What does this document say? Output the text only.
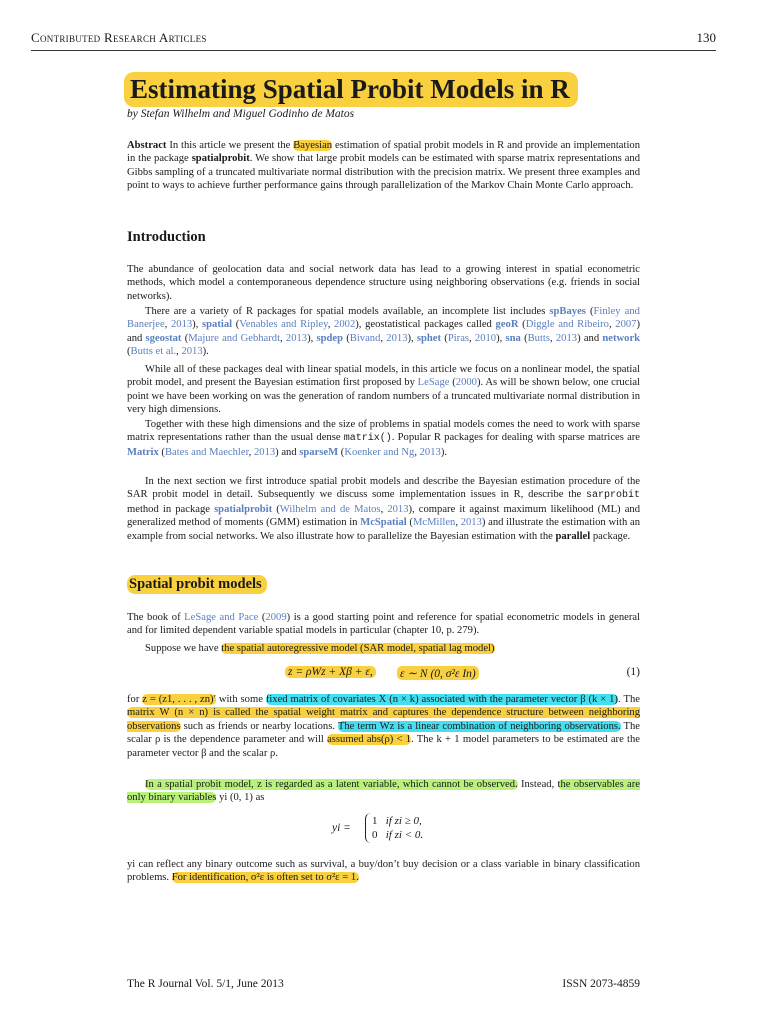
Contributed Research Articles	130
Estimating Spatial Probit Models in R
by Stefan Wilhelm and Miguel Godinho de Matos
Abstract In this article we present the Bayesian estimation of spatial probit models in R and provide an implementation in the package spatialprobit. We show that large probit models can be estimated with sparse matrix representations and Gibbs sampling of a truncated multivariate normal distribution with the precision matrix. We present three examples and point to ways to achieve further performance gains through parallelization of the Markov Chain Monte Carlo approach.
Introduction
The abundance of geolocation data and social network data has lead to a growing interest in spatial econometric methods, which model a contemporaneous dependence structure using neighboring observations (e.g. friends in social networks).
There are a variety of R packages for spatial models available, an incomplete list includes spBayes (Finley and Banerjee, 2013), spatial (Venables and Ripley, 2002), geostatistical packages called geoR (Diggle and Ribeiro, 2007) and sgeostat (Majure and Gebhardt, 2013), spdep (Bivand, 2013), sphet (Piras, 2010), sna (Butts, 2013) and network (Butts et al., 2013).
While all of these packages deal with linear spatial models, in this article we focus on a nonlinear model, the spatial probit model, and present the Bayesian estimation first proposed by LeSage (2000). As will be shown below, one crucial point we have been working on was the generation of random numbers of a truncated multivariate normal distribution in very high dimensions.
Together with these high dimensions and the size of problems in spatial models comes the need to work with sparse matrix representations rather than the usual dense matrix(). Popular R packages for dealing with sparse matrices are Matrix (Bates and Maechler, 2013) and sparseM (Koenker and Ng, 2013).
In the next section we first introduce spatial probit models and describe the Bayesian estimation procedure of the SAR probit model in detail. Subsequently we discuss some implementation issues in R, describe the sarprobit method in package spatialprobit (Wilhelm and de Matos, 2013), compare it against maximum likelihood (ML) and generalized method of moments (GMM) estimation in McSpatial (McMillen, 2013) and illustrate the estimation with an example from social networks. We also illustrate how to parallelize the Bayesian estimation with the parallel package.
Spatial probit models
The book of LeSage and Pace (2009) is a good starting point and reference for spatial econometric models in general and for limited dependent variable spatial models in particular (chapter 10, p. 279).
Suppose we have the spatial autoregressive model (SAR model, spatial lag model)
z = ρWz + Xβ + ε, ε ∼ N (0, σ²ε In)	(1)
for z = (z1, . . . , zn)′ with some fixed matrix of covariates X (n × k) associated with the parameter vector β (k × 1). The matrix W (n × n) is called the spatial weight matrix and captures the dependence structure between neighboring observations such as friends or nearby locations. The term Wz is a linear combination of neighboring observations. The scalar ρ is the dependence parameter and will assumed abs(ρ) < 1. The k + 1 model parameters to be estimated are the parameter vector β and the scalar ρ.
In a spatial probit model, z is regarded as a latent variable, which cannot be observed. Instead, the observables are only binary variables yi (0, 1) as
yi =
1 if zi ≥ 0,
0 if zi < 0.
yi can reflect any binary outcome such as survival, a buy/don’t buy decision or a class variable in binary classification problems. For identification, σ²ε is often set to σ²ε = 1.
The R Journal Vol. 5/1, June 2013	ISSN 2073-4859
